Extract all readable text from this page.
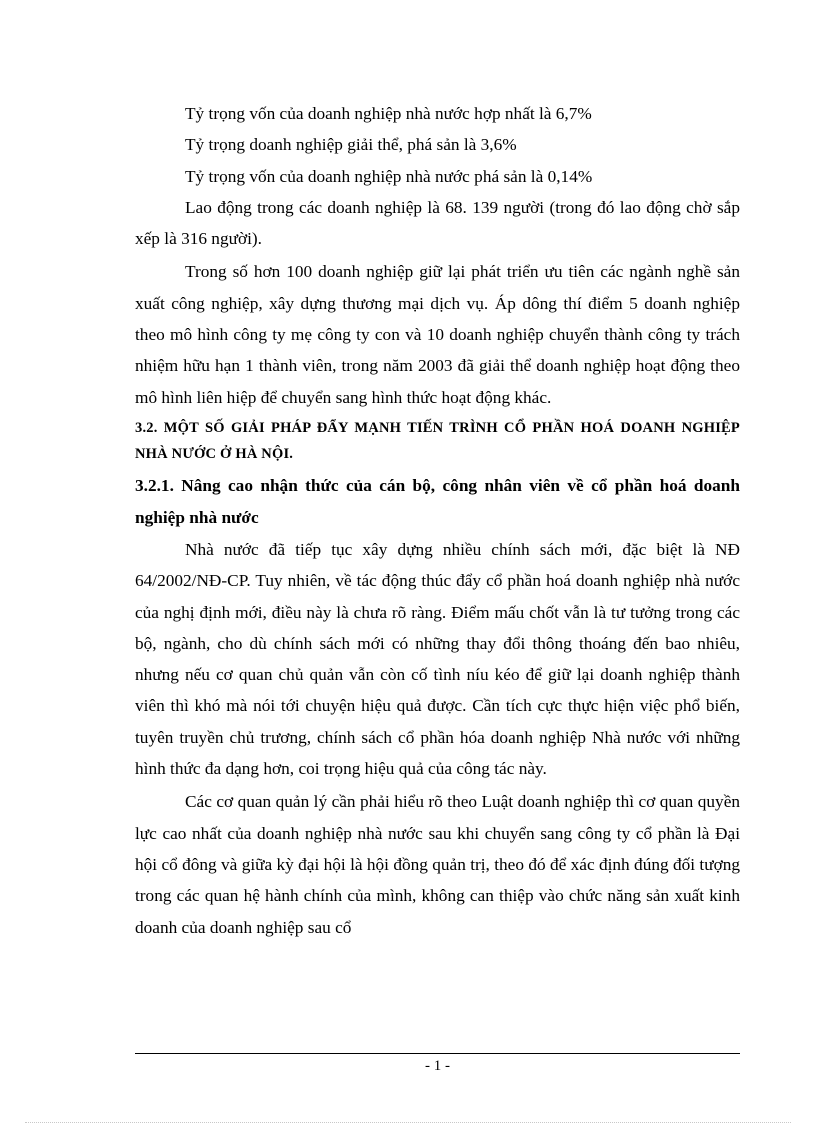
Tỷ trọng vốn của doanh nghiệp nhà nước hợp nhất là 6,7%

Tỷ trọng doanh nghiệp giải thể, phá sản là 3,6%

Tỷ trọng vốn của doanh nghiệp nhà nước phá sản là 0,14%

Lao động trong các doanh nghiệp là 68. 139 người (trong đó lao động chờ sắp xếp là 316 người).

Trong số hơn 100 doanh nghiệp giữ lại phát triển ưu tiên các ngành nghề sản xuất công nghiệp, xây dựng thương mại dịch vụ. Áp dông thí điểm 5 doanh nghiệp theo mô hình công ty mẹ công ty con và 10 doanh nghiệp chuyển thành công ty trách nhiệm hữu hạn 1 thành viên, trong năm 2003 đã giải thể doanh nghiệp hoạt động theo mô hình liên hiệp để chuyển sang hình thức hoạt động khác.

3.2. MỘT SỐ GIẢI PHÁP ĐẨY MẠNH TIẾN TRÌNH CỔ PHẦN HOÁ DOANH NGHIỆP NHÀ NƯỚC Ở HÀ NỘI.
3.2.1. Nâng cao nhận thức của cán bộ, công nhân viên về cổ phần hoá doanh nghiệp nhà nước

Nhà nước đã tiếp tục xây dựng nhiều chính sách mới, đặc biệt là NĐ 64/2002/NĐ-CP. Tuy nhiên, về tác động thúc đẩy cổ phần hoá doanh nghiệp nhà nước của nghị định mới, điều này là chưa rõ ràng. Điểm mấu chốt vẫn là tư tưởng trong các bộ, ngành, cho dù chính sách mới có những thay đổi thông thoáng đến bao nhiêu, nhưng nếu cơ quan chủ quản vẫn còn cố tình níu kéo để giữ lại doanh nghiệp thành viên thì khó mà nói tới chuyện hiệu quả được. Cần tích cực thực hiện việc phổ biến, tuyên truyền chủ trương, chính sách cổ phần hóa doanh nghiệp Nhà nước với những hình thức đa dạng hơn, coi trọng hiệu quả của công tác này.

Các cơ quan quản lý cần phải hiểu rõ theo Luật doanh nghiệp thì cơ quan quyền lực cao nhất của doanh nghiệp nhà nước sau khi chuyển sang công ty cổ phần là Đại hội cổ đông và giữa kỳ đại hội là hội đồng quản trị, theo đó để xác định đúng đối tượng trong các quan hệ hành chính của mình, không can thiệp vào chức năng sản xuất kinh doanh của doanh nghiệp sau cổ

- 1 -
